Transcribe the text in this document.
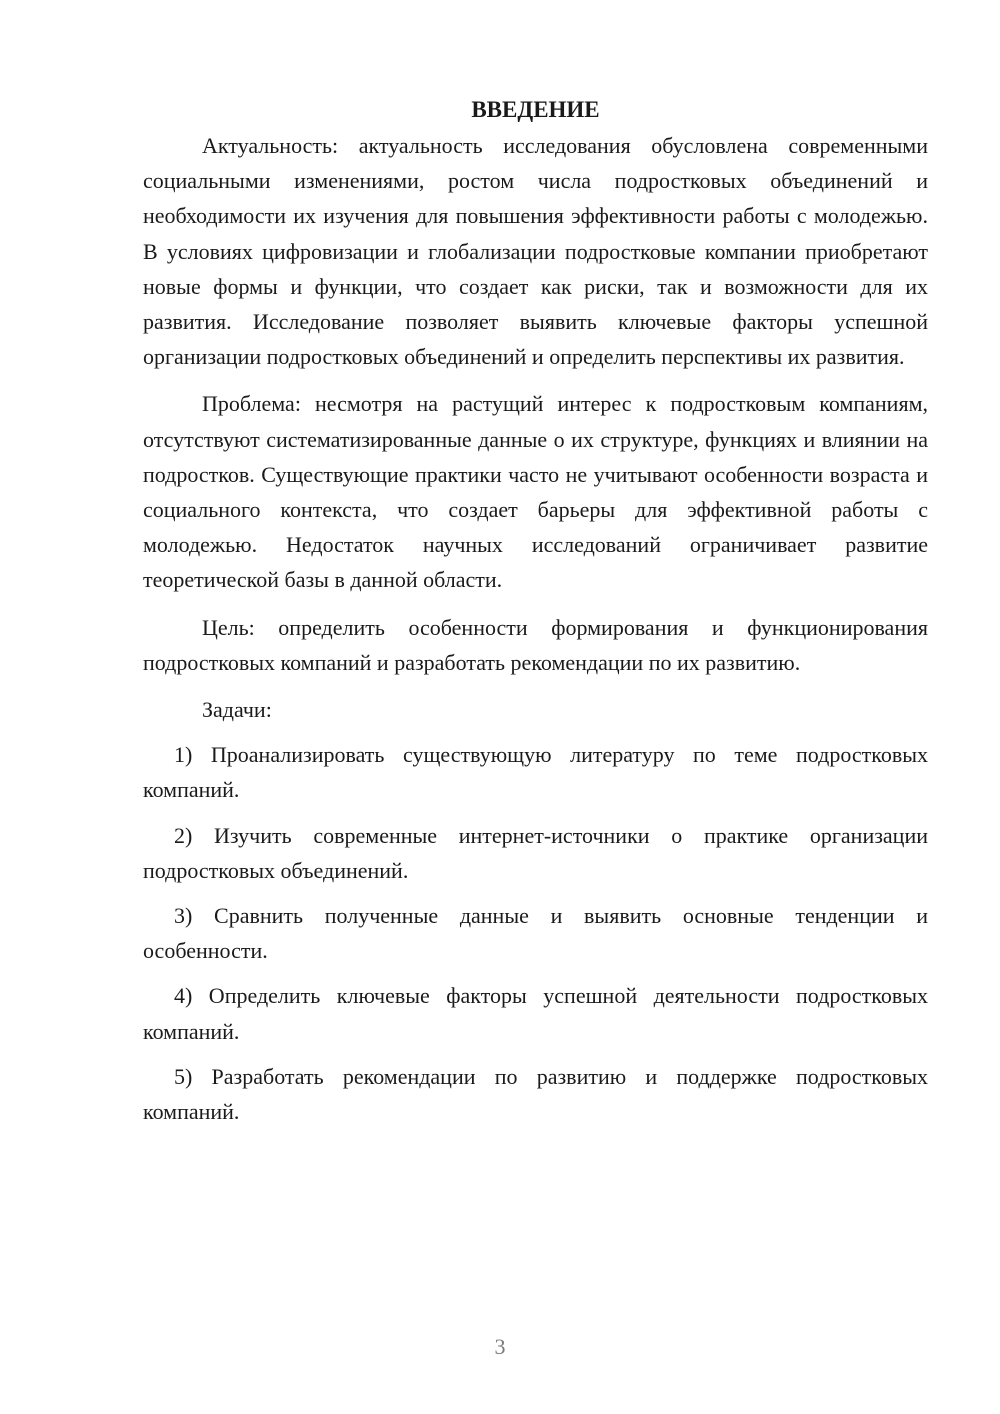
ВВЕДЕНИЕ

Актуальность: актуальность исследования обусловлена современными социальными изменениями, ростом числа подростковых объединений и необходимости их изучения для повышения эффективности работы с молодежью. В условиях цифровизации и глобализации подростковые компании приобретают новые формы и функции, что создает как риски, так и возможности для их развития. Исследование позволяет выявить ключевые факторы успешной организации подростковых объединений и определить перспективы их развития.

Проблема: несмотря на растущий интерес к подростковым компаниям, отсутствуют систематизированные данные о их структуре, функциях и влиянии на подростков. Существующие практики часто не учитывают особенности возраста и социального контекста, что создает барьеры для эффективной работы с молодежью. Недостаток научных исследований ограничивает развитие теоретической базы в данной области.

Цель: определить особенности формирования и функционирования подростковых компаний и разработать рекомендации по их развитию.

Задачи:

1) Проанализировать существующую литературу по теме подростковых компаний.

2) Изучить современные интернет-источники о практике организации подростковых объединений.

3) Сравнить полученные данные и выявить основные тенденции и особенности.

4) Определить ключевые факторы успешной деятельности подростковых компаний.

5) Разработать рекомендации по развитию и поддержке подростковых компаний.

3
